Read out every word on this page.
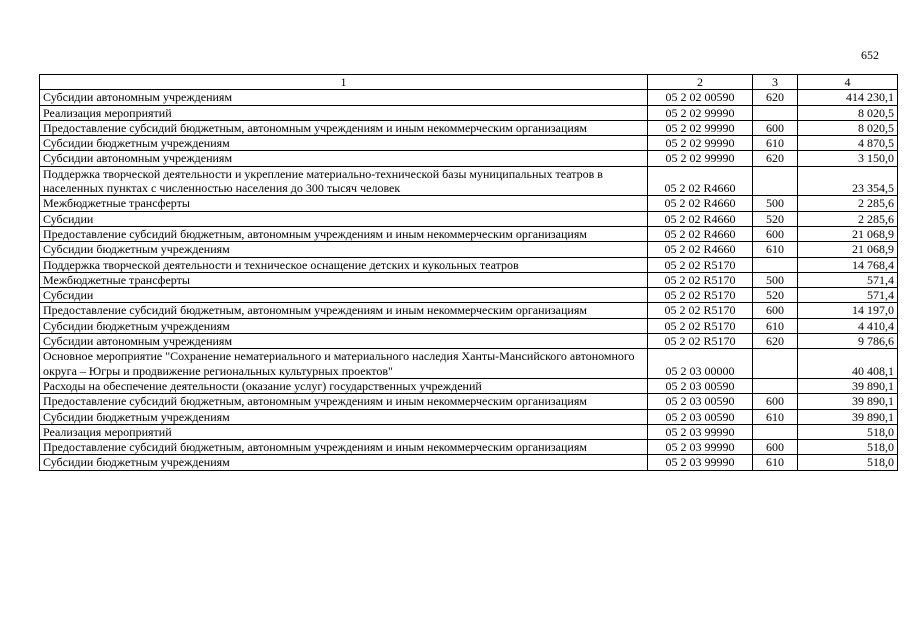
652
1	2	3	4
Субсидии автономным учреждениям	05 2 02 00590	620	414 230,1
Реализация мероприятий	05 2 02 99990		8 020,5
Предоставление субсидий бюджетным, автономным учреждениям и иным некоммерческим организациям	05 2 02 99990	600	8 020,5
Субсидии бюджетным учреждениям	05 2 02 99990	610	4 870,5
Субсидии автономным учреждениям	05 2 02 99990	620	3 150,0
Поддержка творческой деятельности и укрепление материально-технической базы муниципальных театров в населенных пунктах с численностью населения до 300 тысяч человек	05 2 02 R4660		23 354,5
Межбюджетные трансферты	05 2 02 R4660	500	2 285,6
Субсидии	05 2 02 R4660	520	2 285,6
Предоставление субсидий бюджетным, автономным учреждениям и иным некоммерческим организациям	05 2 02 R4660	600	21 068,9
Субсидии бюджетным учреждениям	05 2 02 R4660	610	21 068,9
Поддержка творческой деятельности и техническое оснащение детских и кукольных театров	05 2 02 R5170		14 768,4
Межбюджетные трансферты	05 2 02 R5170	500	571,4
Субсидии	05 2 02 R5170	520	571,4
Предоставление субсидий бюджетным, автономным учреждениям и иным некоммерческим организациям	05 2 02 R5170	600	14 197,0
Субсидии бюджетным учреждениям	05 2 02 R5170	610	4 410,4
Субсидии автономным учреждениям	05 2 02 R5170	620	9 786,6
Основное мероприятие "Сохранение нематериального и материального наследия Ханты-Мансийского автономного округа – Югры и продвижение региональных культурных проектов"	05 2 03 00000		40 408,1
Расходы на обеспечение деятельности (оказание услуг) государственных учреждений	05 2 03 00590		39 890,1
Предоставление субсидий бюджетным, автономным учреждениям и иным некоммерческим организациям	05 2 03 00590	600	39 890,1
Субсидии бюджетным учреждениям	05 2 03 00590	610	39 890,1
Реализация мероприятий	05 2 03 99990		518,0
Предоставление субсидий бюджетным, автономным учреждениям и иным некоммерческим организациям	05 2 03 99990	600	518,0
Субсидии бюджетным учреждениям	05 2 03 99990	610	518,0
